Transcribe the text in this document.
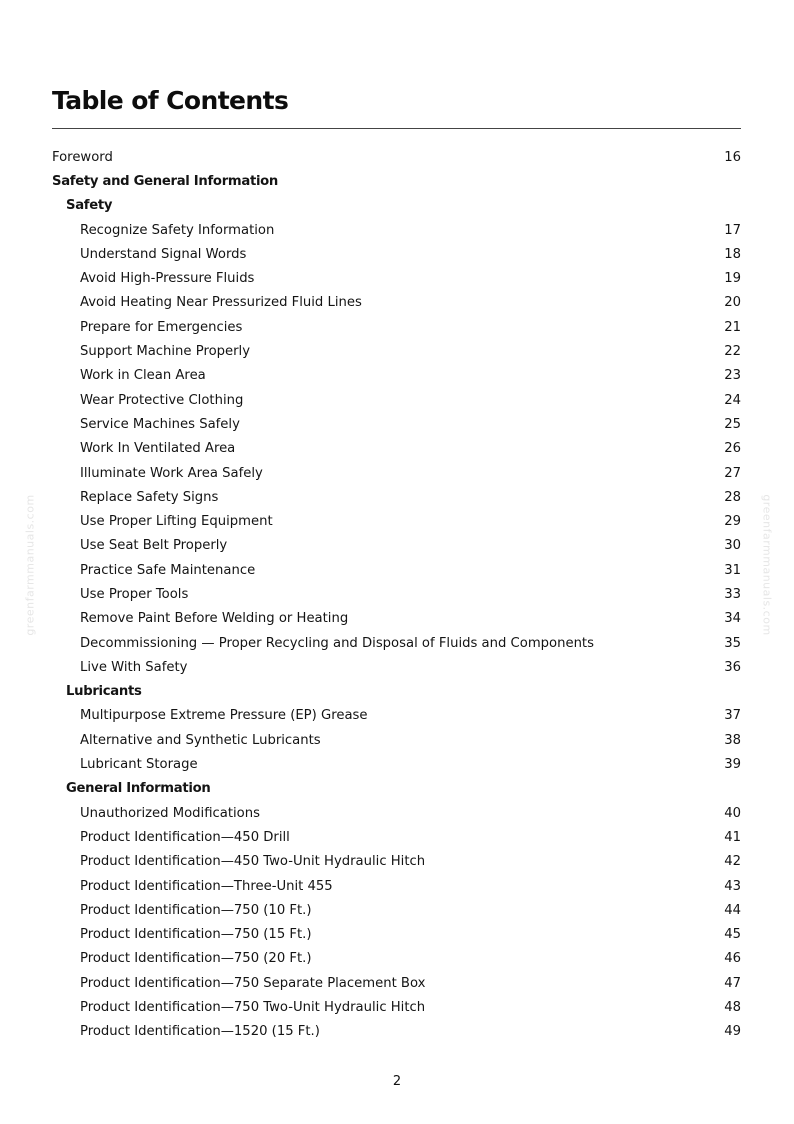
Table of Contents
Foreword	16
Safety and General Information
Safety
Recognize Safety Information	17
Understand Signal Words	18
Avoid High-Pressure Fluids	19
Avoid Heating Near Pressurized Fluid Lines	20
Prepare for Emergencies	21
Support Machine Properly	22
Work in Clean Area	23
Wear Protective Clothing	24
Service Machines Safely	25
Work In Ventilated Area	26
Illuminate Work Area Safely	27
Replace Safety Signs	28
Use Proper Lifting Equipment	29
Use Seat Belt Properly	30
Practice Safe Maintenance	31
Use Proper Tools	33
Remove Paint Before Welding or Heating	34
Decommissioning — Proper Recycling and Disposal of Fluids and Components	35
Live With Safety	36
Lubricants
Multipurpose Extreme Pressure (EP) Grease	37
Alternative and Synthetic Lubricants	38
Lubricant Storage	39
General Information
Unauthorized Modifications	40
Product Identification—450 Drill	41
Product Identification—450 Two-Unit Hydraulic Hitch	42
Product Identification—Three-Unit 455	43
Product Identification—750 (10 Ft.)	44
Product Identification—750 (15 Ft.)	45
Product Identification—750 (20 Ft.)	46
Product Identification—750 Separate Placement Box	47
Product Identification—750 Two-Unit Hydraulic Hitch	48
Product Identification—1520 (15 Ft.)	49
greenfarmmanuals.com	greenfarmmanuals.com
2
